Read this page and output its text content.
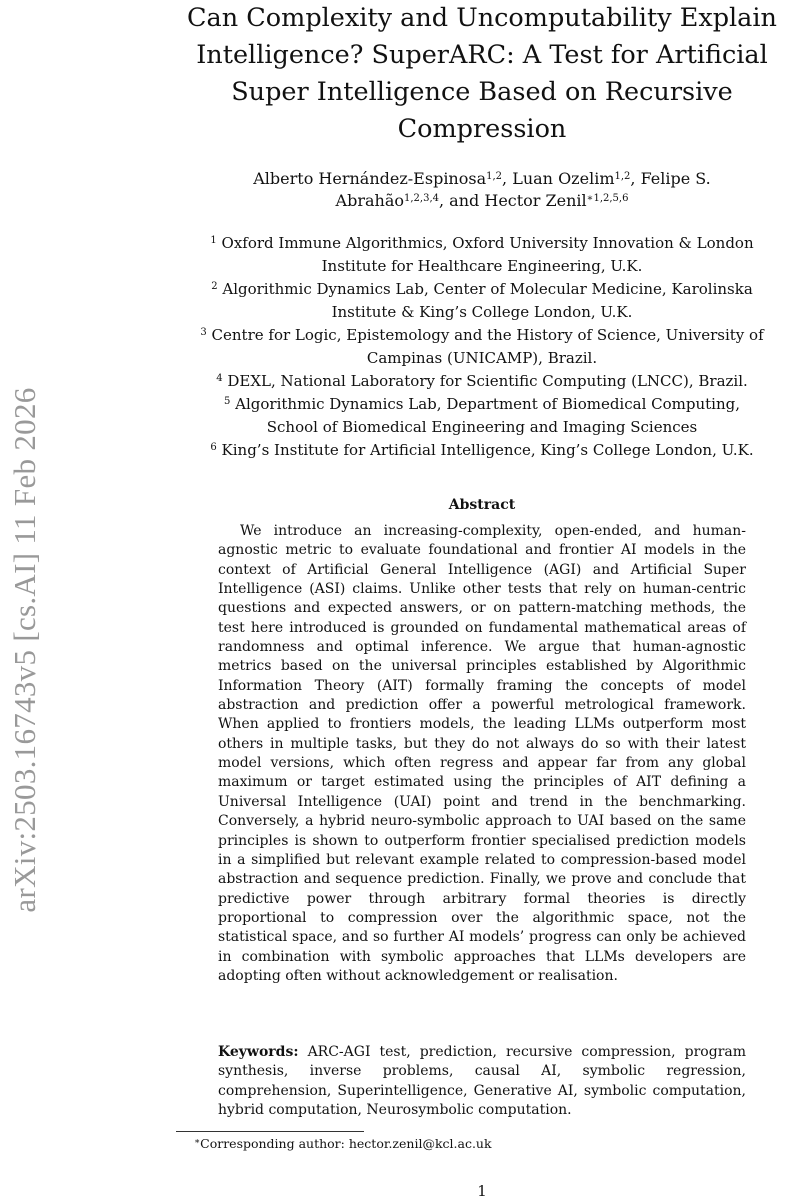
arXiv:2503.16743v5 [cs.AI] 11 Feb 2026
Can Complexity and Uncomputability Explain
Intelligence? SuperARC: A Test for Artificial
Super Intelligence Based on Recursive
Compression
Alberto Hernández-Espinosa$^{1,2}$, Luan Ozelim$^{1,2}$, Felipe S.
Abrahão$^{1,2,3,4}$, and Hector Zenil$^{∗1,2,5,6}$
$^1$ Oxford Immune Algorithmics, Oxford University Innovation & London
Institute for Healthcare Engineering, U.K.
$^2$ Algorithmic Dynamics Lab, Center of Molecular Medicine, Karolinska
Institute & King’s College London, U.K.
$^3$ Centre for Logic, Epistemology and the History of Science, University of
Campinas (UNICAMP), Brazil.
$^4$ DEXL, National Laboratory for Scientific Computing (LNCC), Brazil.
$^5$ Algorithmic Dynamics Lab, Department of Biomedical Computing,
School of Biomedical Engineering and Imaging Sciences
$^6$ King’s Institute for Artificial Intelligence, King’s College London, U.K.
Abstract

We introduce an increasing-complexity, open-ended, and human-agnostic metric to evaluate foundational and frontier AI models in the context of Artificial General Intelligence (AGI) and Artificial Super Intelligence (ASI) claims. Unlike other tests that rely on human-centric questions and expected answers, or on pattern-matching methods, the test here introduced is grounded on fundamental mathematical areas of randomness and optimal inference. We argue that human-agnostic metrics based on the universal principles established by Algorithmic Information Theory (AIT) formally framing the concepts of model abstraction and prediction offer a powerful metrological framework. When applied to frontiers models, the leading LLMs outperform most others in multiple tasks, but they do not always do so with their latest model versions, which often regress and appear far from any global maximum or target estimated using the principles of AIT defining a Universal Intelligence (UAI) point and trend in the benchmarking. Conversely, a hybrid neuro-symbolic approach to UAI based on the same principles is shown to outperform frontier specialised prediction models in a simplified but relevant example related to compression-based model abstraction and sequence prediction. Finally, we prove and conclude that predictive power through arbitrary formal theories is directly proportional to compression over the algorithmic space, not the statistical space, and so further AI models’ progress can only be achieved in combination with symbolic approaches that LLMs developers are adopting often without acknowledgement or realisation.

Keywords: ARC-AGI test, prediction, recursive compression, program synthesis, inverse problems, causal AI, symbolic regression, comprehension, Superintelligence, Generative AI, symbolic computation, hybrid computation, Neurosymbolic computation.

∗Corresponding author: hector.zenil@kcl.ac.uk
1
